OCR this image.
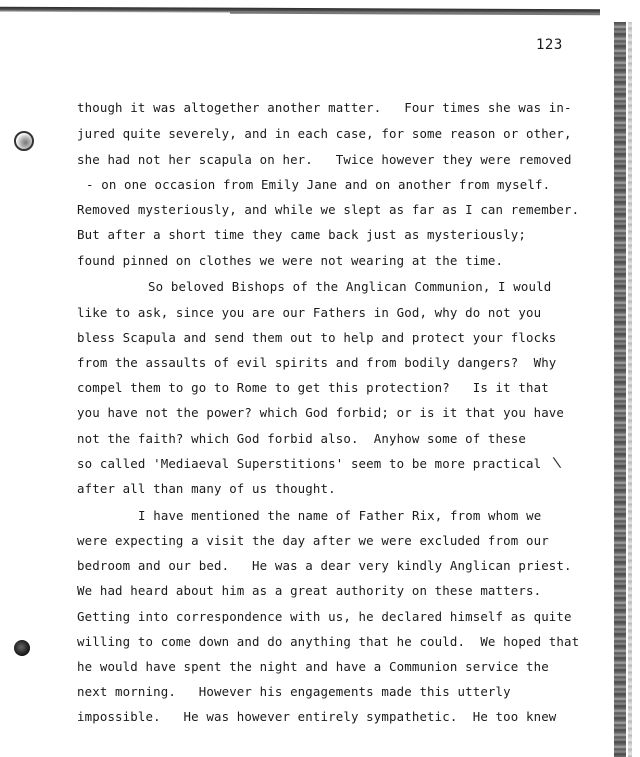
123
though it was altogether another matter.   Four times she was in-
jured quite severely, and in each case, for some reason or other,
she had not her scapula on her.   Twice however they were removed
- on one occasion from Emily Jane and on another from myself.
Removed mysteriously, and while we slept as far as I can remember.
But after a short time they came back just as mysteriously;
found pinned on clothes we were not wearing at the time.
So beloved Bishops of the Anglican Communion, I would
like to ask, since you are our Fathers in God, why do not you
bless Scapula and send them out to help and protect your flocks
from the assaults of evil spirits and from bodily dangers?  Why
compel them to go to Rome to get this protection?   Is it that
you have not the power? which God forbid; or is it that you have
not the faith? which God forbid also.  Anyhow some of these
so called 'Mediaeval Superstitions' seem to be more practical
after all than many of us thought.
I have mentioned the name of Father Rix, from whom we
were expecting a visit the day after we were excluded from our
bedroom and our bed.   He was a dear very kindly Anglican priest.
We had heard about him as a great authority on these matters.
Getting into correspondence with us, he declared himself as quite
willing to come down and do anything that he could.  We hoped that
he would have spent the night and have a Communion service the
next morning.   However his engagements made this utterly
impossible.   He was however entirely sympathetic.  He too knew
\
